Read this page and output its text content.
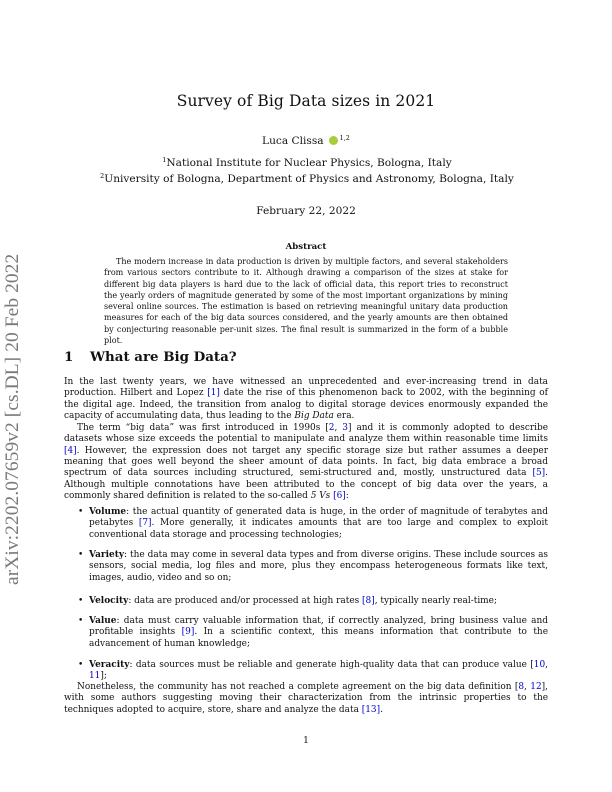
arXiv:2202.07659v2 [cs.DL] 20 Feb 2022
Survey of Big Data sizes in 2021
Luca Clissa $^{1,2}$
$^1$National Institute for Nuclear Physics, Bologna, Italy
$^2$University of Bologna, Department of Physics and Astronomy, Bologna, Italy
February 22, 2022
Abstract

The modern increase in data production is driven by multiple factors, and several stakeholders from various sectors contribute to it. Although drawing a comparison of the sizes at stake for different big data players is hard due to the lack of official data, this report tries to reconstruct the yearly orders of magnitude generated by some of the most important organizations by mining several online sources. The estimation is based on retrieving meaningful unitary data production measures for each of the big data sources considered, and the yearly amounts are then obtained by conjecturing reasonable per-unit sizes. The final result is summarized in the form of a bubble plot.

1 What are Big Data?

In the last twenty years, we have witnessed an unprecedented and ever-increasing trend in data production. Hilbert and Lopez [1] date the rise of this phenomenon back to 2002, with the beginning of the digital age. Indeed, the transition from analog to digital storage devices enormously expanded the capacity of accumulating data, thus leading to the Big Data era.

The term “big data” was first introduced in 1990s [2, 3] and it is commonly adopted to describe datasets whose size exceeds the potential to manipulate and analyze them within reasonable time limits [4]. However, the expression does not target any specific storage size but rather assumes a deeper meaning that goes well beyond the sheer amount of data points. In fact, big data embrace a broad spectrum of data sources including structured, semi-structured and, mostly, unstructured data [5]. Although multiple connotations have been attributed to the concept of big data over the years, a commonly shared definition is related to the so-called 5 Vs [6]:

• Volume: the actual quantity of generated data is huge, in the order of magnitude of terabytes and petabytes [7]. More generally, it indicates amounts that are too large and complex to exploit conventional data storage and processing technologies;

• Variety: the data may come in several data types and from diverse origins. These include sources as sensors, social media, log files and more, plus they encompass heterogeneous formats like text, images, audio, video and so on;

• Velocity: data are produced and/or processed at high rates [8], typically nearly real-time;

• Value: data must carry valuable information that, if correctly analyzed, bring business value and profitable insights [9]. In a scientific context, this means information that contribute to the advancement of human knowledge;

• Veracity: data sources must be reliable and generate high-quality data that can produce value [10, 11];

Nonetheless, the community has not reached a complete agreement on the big data definition [8, 12], with some authors suggesting moving their characterization from the intrinsic properties to the techniques adopted to acquire, store, share and analyze the data [13].

1
